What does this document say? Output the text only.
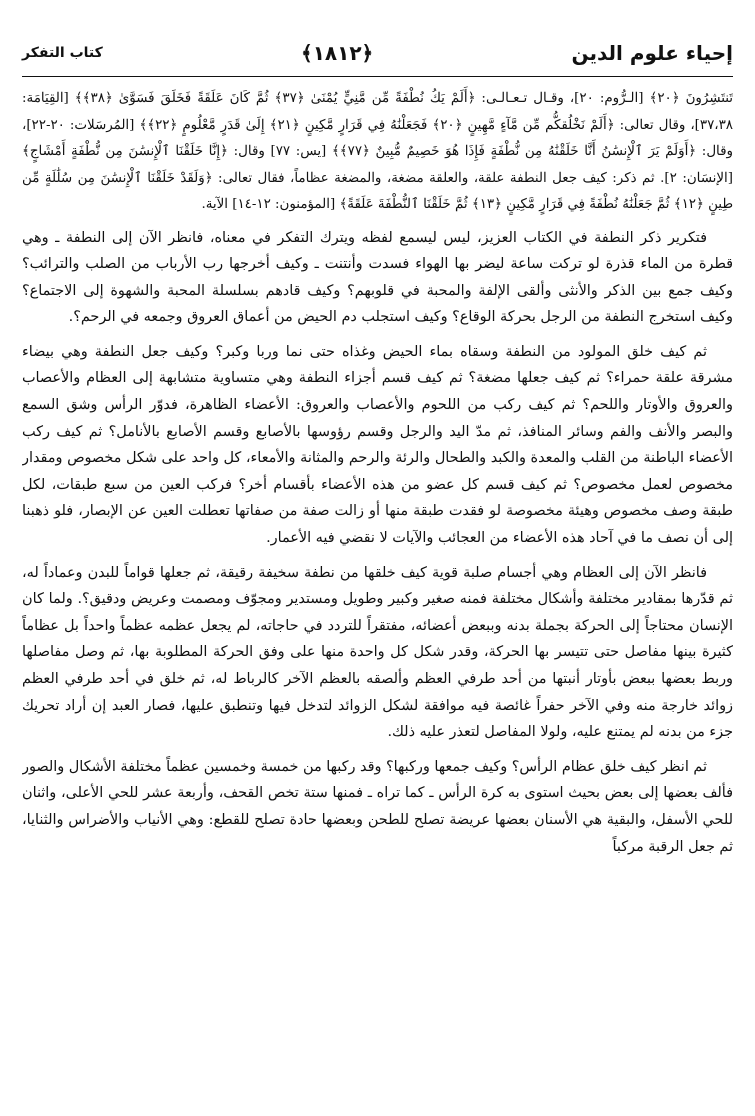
إحياء علوم الدين
﴿١٨١٢﴾
كتاب التفكر

تَنتَشِرُونَ ﴿٢٠﴾ [الـرُّوم: ٢٠]، وقـال تـعـالـى: ﴿أَلَمْ يَكُ نُطْفَةً مِّن مَّنِيٍّ يُمْنَىٰ ﴿٣٧﴾ ثُمَّ كَانَ عَلَقَةً فَخَلَقَ فَسَوَّىٰ ﴿٣٨﴾﴾ [القِيَامَة: ٣٧،٣٨]، وقال تعالى: ﴿أَلَمْ نَخْلُقكُّم مِّن مَّآءٍ مَّهِينٍ ﴿٢٠﴾ فَجَعَلْنَٰهُ فِي قَرَارٍ مَّكِينٍ ﴿٢١﴾ إِلَىٰ قَدَرٍ مَّعْلُومٍ ﴿٢٢﴾﴾ [المُرسَلات: ٢٠-٢٢]، وقال: ﴿أَوَلَمْ يَرَ ٱلْإِنسَٰنُ أَنَّا خَلَقْنَٰهُ مِن نُّطْفَةٍ فَإِذَا هُوَ خَصِيمٌ مُّبِينٌ ﴿٧٧﴾﴾ [يس: ٧٧] وقال: ﴿إِنَّا خَلَقْنَا ٱلْإِنسَٰنَ مِن نُّطْفَةٍ أَمْشَاجٍ﴾ [الإنسَان: ٢]. ثم ذكر: كيف جعل النطفة علقة، والعلقة مضغة، والمضغة عظاماً، فقال تعالى: ﴿وَلَقَدْ خَلَقْنَا ٱلْإِنسَٰنَ مِن سُلَٰلَةٍ مِّن طِينٍ ﴿١٢﴾ ثُمَّ جَعَلْنَٰهُ نُطْفَةً فِي قَرَارٍ مَّكِينٍ ﴿١٣﴾ ثُمَّ خَلَقْنَا ٱلنُّطْفَةَ عَلَقَةً﴾ [المؤمنون: ١٢-١٤] الآية.

فتكرير ذكر النطفة في الكتاب العزيز، ليس ليسمع لفظه ويترك التفكر في معناه، فانظر الآن إلى النطفة ـ وهي قطرة من الماء قذرة لو تركت ساعة ليضر بها الهواء فسدت وأنتنت ـ وكيف أخرجها رب الأرباب من الصلب والترائب؟ وكيف جمع بين الذكر والأنثى وألقى الإلفة والمحبة في قلوبهم؟ وكيف قادهم بسلسلة المحبة والشهوة إلى الاجتماع؟ وكيف استخرج النطفة من الرجل بحركة الوقاع؟ وكيف استجلب دم الحيض من أعماق العروق وجمعه في الرحم؟.

ثم كيف خلق المولود من النطفة وسقاه بماء الحيض وغذاه حتى نما وربا وكبر؟ وكيف جعل النطفة وهي بيضاء مشرقة علقة حمراء؟ ثم كيف جعلها مضغة؟ ثم كيف قسم أجزاء النطفة وهي متساوية متشابهة إلى العظام والأعصاب والعروق والأوتار واللحم؟ ثم كيف ركب من اللحوم والأعصاب والعروق: الأعضاء الظاهرة، فدوّر الرأس وشق السمع والبصر والأنف والفم وسائر المنافذ، ثم مدّ اليد والرجل وقسم رؤوسها بالأصابع وقسم الأصابع بالأنامل؟ ثم كيف ركب الأعضاء الباطنة من القلب والمعدة والكبد والطحال والرئة والرحم والمثانة والأمعاء، كل واحد على شكل مخصوص ومقدار مخصوص لعمل مخصوص؟ ثم كيف قسم كل عضو من هذه الأعضاء بأقسام أخر؟ فركب العين من سبع طبقات، لكل طبقة وصف مخصوص وهيئة مخصوصة لو فقدت طبقة منها أو زالت صفة من صفاتها تعطلت العين عن الإبصار، فلو ذهبنا إلى أن نصف ما في آحاد هذه الأعضاء من العجائب والآيات لا نقضي فيه الأعمار.

فانظر الآن إلى العظام وهي أجسام صلبة قوية كيف خلقها من نطفة سخيفة رقيقة، ثم جعلها قواماً للبدن وعماداً له، ثم قدّرها بمقادير مختلفة وأشكال مختلفة فمنه صغير وكبير وطويل ومستدير ومجوّف ومصمت وعريض ودقيق؟. ولما كان الإنسان محتاجاً إلى الحركة بجملة بدنه وببعض أعضائه، مفتقراً للتردد في حاجاته، لم يجعل عظمه عظماً واحداً بل عظاماً كثيرة بينها مفاصل حتى تتيسر بها الحركة، وقدر شكل كل واحدة منها على وفق الحركة المطلوبة بها، ثم وصل مفاصلها وربط بعضها ببعض بأوتار أنبتها من أحد طرفي العظم وألصقه بالعظم الآخر كالرباط له، ثم خلق في أحد طرفي العظم زوائد خارجة منه وفي الآخر حفراً غائصة فيه موافقة لشكل الزوائد لتدخل فيها وتنطبق عليها، فصار العبد إن أراد تحريك جزء من بدنه لم يمتنع عليه، ولولا المفاصل لتعذر عليه ذلك.

ثم انظر كيف خلق عظام الرأس؟ وكيف جمعها وركبها؟ وقد ركبها من خمسة وخمسين عظماً مختلفة الأشكال والصور فألف بعضها إلى بعض بحيث استوى به كرة الرأس ـ كما تراه ـ فمنها ستة تخص القحف، وأربعة عشر للحي الأعلى، واثنان للحي الأسفل، والبقية هي الأسنان بعضها عريضة تصلح للطحن وبعضها حادة تصلح للقطع: وهي الأنياب والأضراس والثنايا، ثم جعل الرقبة مركباً
